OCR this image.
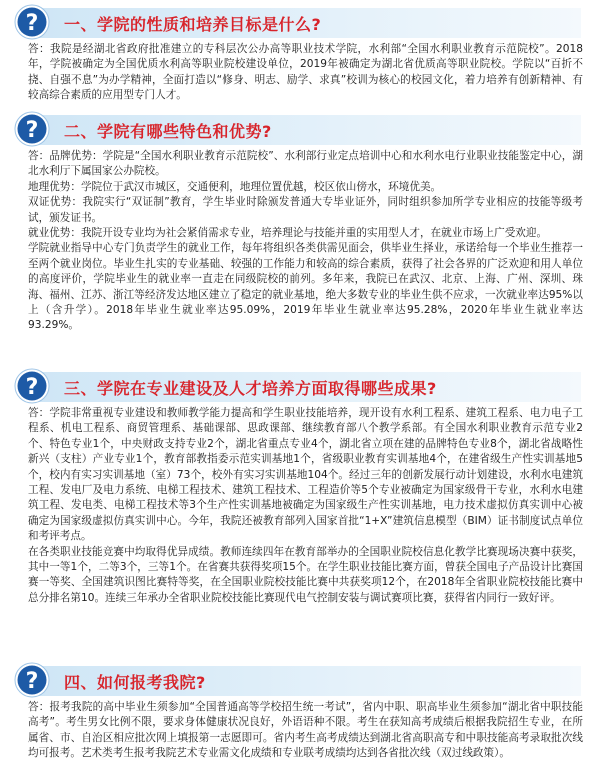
一、学院的性质和培养目标是什么?
?

答：我院是经湖北省政府批准建立的专科层次公办高等职业技术学院，水利部“全国水利职业教育示范院校”。2018年，学院被确定为全国优质水利高等职业院校建设单位，2019年被确定为湖北省优质高等职业院校。学院以“百折不挠、自强不息”为办学精神，全面打造以“修身、明志、励学、求真”校训为核心的校园文化，着力培养有创新精神、有较高综合素质的应用型专门人才。

二、学院有哪些特色和优势?
?

答：品牌优势：学院是“全国水利职业教育示范院校”、水利部行业定点培训中心和水利水电行业职业技能鉴定中心，湖北水利厅下属国家公办院校。

地理优势：学院位于武汉市城区，交通便利，地理位置优越，校区依山傍水，环境优美。

双证优势：我院实行“双证制”教育，学生毕业时除颁发普通大专毕业证外，同时组织参加所学专业相应的技能等级考试，颁发证书。

就业优势：我院开设专业均为社会紧俏需求专业，培养理论与技能并重的实用型人才，在就业市场上广受欢迎。

学院就业指导中心专门负责学生的就业工作，每年将组织各类供需见面会，供毕业生择业，承诺给每一个毕业生推荐一至两个就业岗位。毕业生扎实的专业基础、较强的工作能力和较高的综合素质，获得了社会各界的广泛欢迎和用人单位的高度评价，学院毕业生的就业率一直走在同级院校的前列。多年来，我院已在武汉、北京、上海、广州、深圳、珠海、福州、江苏、浙江等经济发达地区建立了稳定的就业基地，绝大多数专业的毕业生供不应求，一次就业率达95%以上（含升学）。2018年毕业生就业率达95.09%，2019年毕业生就业率达95.28%，2020年毕业生就业率达93.29%。

三、学院在专业建设及人才培养方面取得哪些成果?
?

答：学院非常重视专业建设和教师教学能力提高和学生职业技能培养，现开设有水利工程系、建筑工程系、电力电子工程系、机电工程系、商贸管理系、基础课部、思政课部、继续教育部八个教学系部。有全国水利职业教育示范专业2个、特色专业1个，中央财政支持专业2个，湖北省重点专业4个，湖北省立项在建的品牌特色专业8个，湖北省战略性新兴（支柱）产业专业1个，教育部教指委示范实训基地1个，省级职业教育实训基地4个，在建省级生产性实训基地5个，校内有实习实训基地（室）73个，校外有实习实训基地104个。经过三年的创新发展行动计划建设，水利水电建筑工程、发电厂及电力系统、电梯工程技术、建筑工程技术、工程造价等5个专业被确定为国家级骨干专业，水利水电建筑工程、发电类、电梯工程技术等3个生产性实训基地被确定为国家级生产性实训基地，电力技术虚拟仿真实训中心被确定为国家级虚拟仿真实训中心。今年，我院还被教育部列入国家首批“1+X”建筑信息模型（BIM）证书制度试点单位和考评考点。

在各类职业技能竞赛中均取得优异成绩。教师连续四年在教育部举办的全国职业院校信息化教学比赛现场决赛中获奖，其中一等1个，二等3个，三等1个。在省赛共获得奖项15个。在学生职业技能比赛方面，曾获全国电子产品设计比赛国赛一等奖、全国建筑识图比赛特等奖，在全国职业院校技能比赛中共获奖项12个，在2018年全省职业院校技能比赛中总分排名第10。连续三年承办全省职业院校技能比赛现代电气控制安装与调试赛项比赛，获得省内同行一致好评。

四、如何报考我院?
?

答：报考我院的高中毕业生须参加“全国普通高等学校招生统一考试”，省内中职、职高毕业生须参加“湖北省中职技能高考”。考生男女比例不限，要求身体健康状况良好，外语语种不限。考生在获知高考成绩后根据我院招生专业，在所属省、市、自治区相应批次网上填报第一志愿即可。省内考生高考成绩达到湖北省高职高专和中职技能高考录取批次线均可报考。艺术类考生报考我院艺术专业需文化成绩和专业联考成绩均达到各省批次线（双过线政策）。
